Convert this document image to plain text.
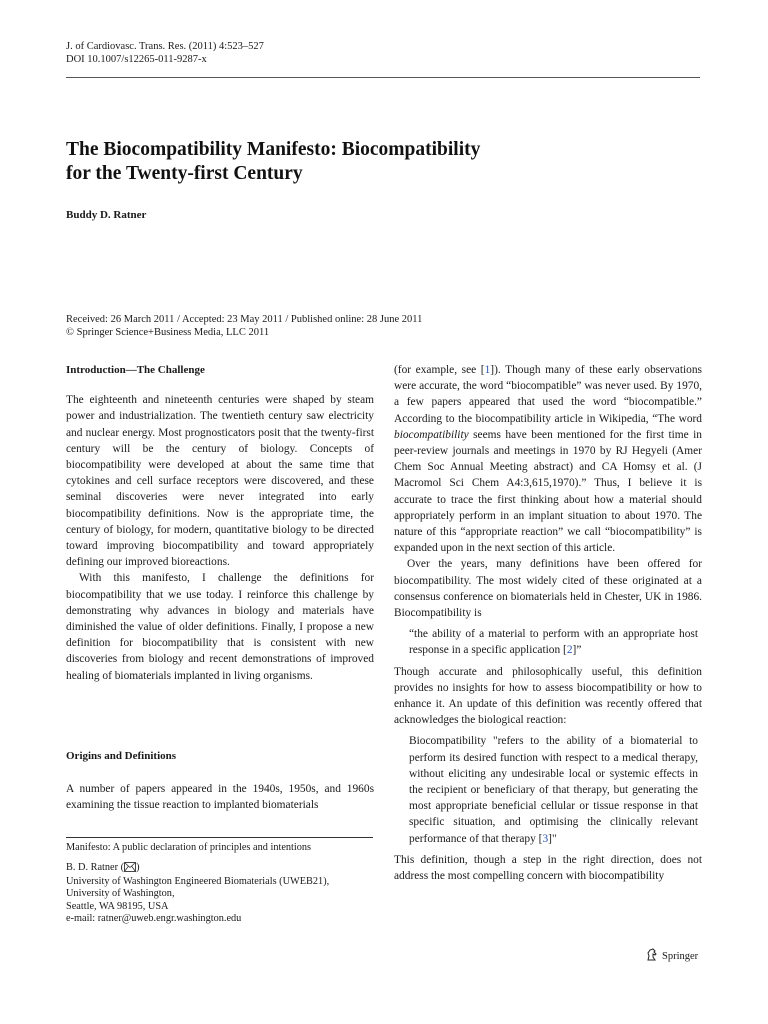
J. of Cardiovasc. Trans. Res. (2011) 4:523–527
DOI 10.1007/s12265-011-9287-x
The Biocompatibility Manifesto: Biocompatibility
for the Twenty-first Century
Buddy D. Ratner
Received: 26 March 2011 / Accepted: 23 May 2011 / Published online: 28 June 2011
© Springer Science+Business Media, LLC 2011
Introduction—The Challenge

The eighteenth and nineteenth centuries were shaped by steam power and industrialization. The twentieth century saw electricity and nuclear energy. Most prognosticators posit that the twenty-first century will be the century of biology. Concepts of biocompatibility were developed at about the same time that cytokines and cell surface receptors were discovered, and these seminal discoveries were never integrated into early biocompatibility definitions. Now is the appropriate time, the century of biology, for modern, quantitative biology to be directed toward improving biocompatibility and toward appropriately defining our improved bioreactions.

With this manifesto, I challenge the definitions for biocompatibility that we use today. I reinforce this challenge by demonstrating why advances in biology and materials have diminished the value of older definitions. Finally, I propose a new definition for biocompatibility that is consistent with new discoveries from biology and recent demonstrations of improved healing of biomaterials implanted in living organisms.

Origins and Definitions

A number of papers appeared in the 1940s, 1950s, and 1960s examining the tissue reaction to implanted biomaterials

Manifesto: A public declaration of principles and intentions
B. D. Ratner ( )
University of Washington Engineered Biomaterials (UWEB21),
University of Washington,
Seattle, WA 98195, USA
e-mail: ratner@uweb.engr.washington.edu

(for example, see [1]). Though many of these early observations were accurate, the word “biocompatible” was never used. By 1970, a few papers appeared that used the word “biocompatible.” According to the biocompatibility article in Wikipedia, “The word biocompatibility seems have been mentioned for the first time in peer-review journals and meetings in 1970 by RJ Hegyeli (Amer Chem Soc Annual Meeting abstract) and CA Homsy et al. (J Macromol Sci Chem A4:3,615,1970).” Thus, I believe it is accurate to trace the first thinking about how a material should appropriately perform in an implant situation to about 1970. The nature of this “appropriate reaction” we call “biocompatibility” is expanded upon in the next section of this article.

Over the years, many definitions have been offered for biocompatibility. The most widely cited of these originated at a consensus conference on biomaterials held in Chester, UK in 1986. Biocompatibility is

“the ability of a material to perform with an appropriate host response in a specific application [2]”

Though accurate and philosophically useful, this definition provides no insights for how to assess biocompatibility or how to enhance it. An update of this definition was recently offered that acknowledges the biological reaction:

Biocompatibility "refers to the ability of a biomaterial to perform its desired function with respect to a medical therapy, without eliciting any undesirable local or systemic effects in the recipient or beneficiary of that therapy, but generating the most appropriate beneficial cellular or tissue response in that specific situation, and optimising the clinically relevant performance of that therapy [3]"

This definition, though a step in the right direction, does not address the most compelling concern with biocompatibility

Springer
